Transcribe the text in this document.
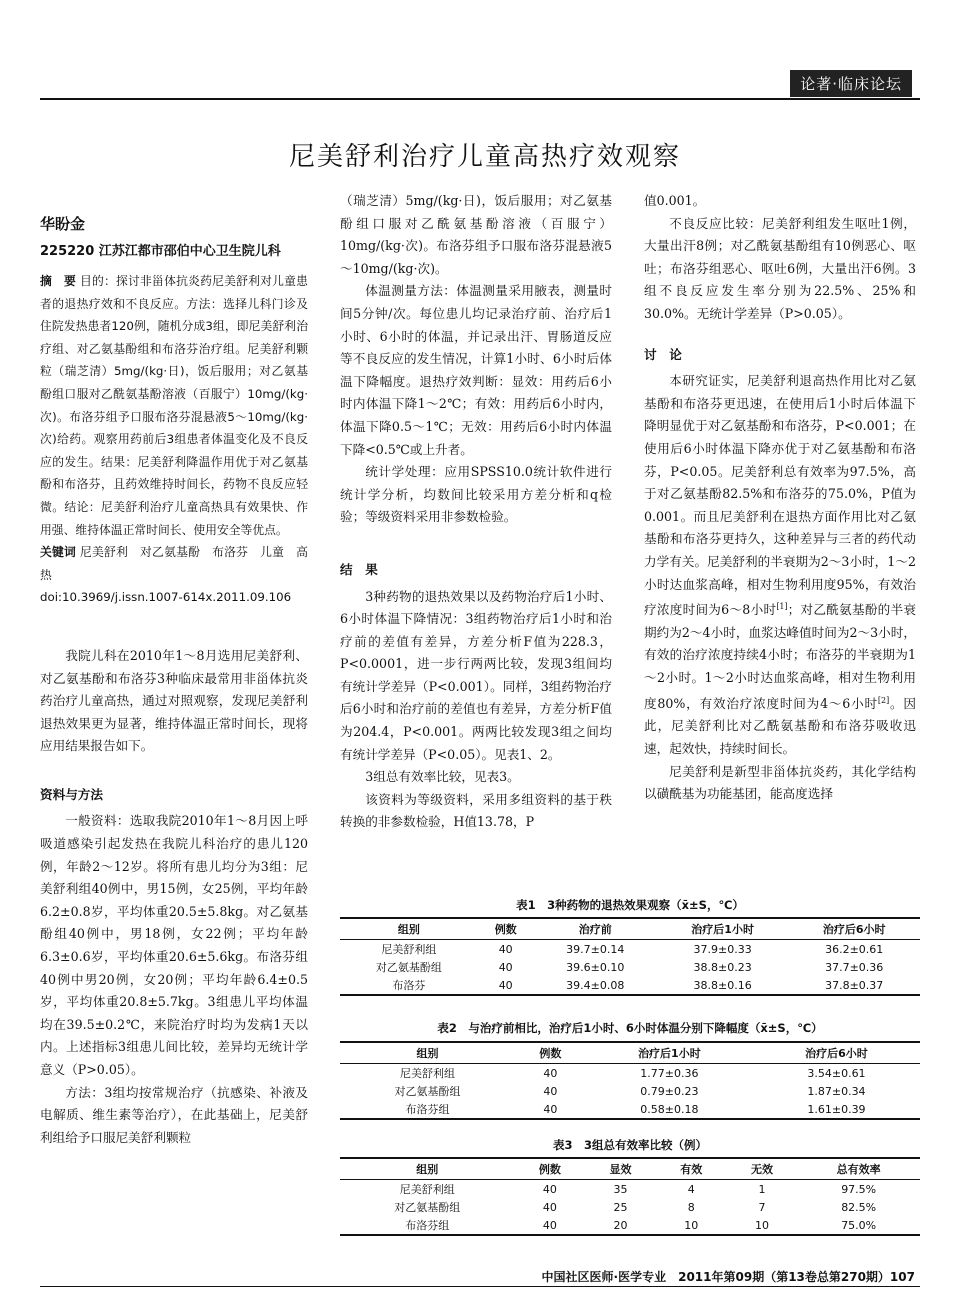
论著·临床论坛
尼美舒利治疗儿童高热疗效观察
华盼金
225220 江苏江都市邵伯中心卫生院儿科
摘　要 目的：探讨非甾体抗炎药尼美舒利对儿童患者的退热疗效和不良反应。方法：选择儿科门诊及住院发热患者120例，随机分成3组，即尼美舒利治疗组、对乙氨基酚组和布洛芬治疗组。尼美舒利颗粒（瑞芝清）5mg/(kg·日)，饭后服用；对乙氨基酚组口服对乙酰氨基酚溶液（百服宁）10mg/(kg·次)。布洛芬组予口服布洛芬混悬液5～10mg/(kg·次)给药。观察用药前后3组患者体温变化及不良反应的发生。结果：尼美舒利降温作用优于对乙氨基酚和布洛芬，且药效维持时间长，药物不良反应轻微。结论：尼美舒利治疗儿童高热具有效果快、作用强、维持体温正常时间长、使用安全等优点。
关键词 尼美舒利　对乙氨基酚　布洛芬　儿童　高热
doi:10.3969/j.issn.1007-614x.2011.09.106

我院儿科在2010年1～8月选用尼美舒利、对乙氨基酚和布洛芬3种临床最常用非甾体抗炎药治疗儿童高热，通过对照观察，发现尼美舒利退热效果更为显著，维持体温正常时间长，现将应用结果报告如下。

资料与方法

一般资料：选取我院2010年1～8月因上呼吸道感染引起发热在我院儿科治疗的患儿120例，年龄2～12岁。将所有患儿均分为3组：尼美舒利组40例中，男15例，女25例，平均年龄6.2±0.8岁，平均体重20.5±5.8kg。对乙氨基酚组40例中，男18例，女22例；平均年龄6.3±0.6岁，平均体重20.6±5.6kg。布洛芬组40例中男20例，女20例；平均年龄6.4±0.5岁，平均体重20.8±5.7kg。3组患儿平均体温均在39.5±0.2℃，来院治疗时均为发病1天以内。上述指标3组患儿间比较，差异均无统计学意义（P>0.05）。

方法：3组均按常规治疗（抗感染、补液及电解质、维生素等治疗），在此基础上，尼美舒利组给予口服尼美舒利颗粒

（瑞芝清）5mg/(kg·日)，饭后服用；对乙氨基酚组口服对乙酰氨基酚溶液（百服宁）10mg/(kg·次)。布洛芬组予口服布洛芬混悬液5～10mg/(kg·次)。

体温测量方法：体温测量采用腋表，测量时间5分钟/次。每位患儿均记录治疗前、治疗后1小时、6小时的体温，并记录出汗、胃肠道反应等不良反应的发生情况，计算1小时、6小时后体温下降幅度。退热疗效判断：显效：用药后6小时内体温下降1～2℃；有效：用药后6小时内，体温下降0.5～1℃；无效：用药后6小时内体温下降<0.5℃或上升者。

统计学处理：应用SPSS10.0统计软件进行统计学分析，均数间比较采用方差分析和q检验；等级资料采用非参数检验。

结　果

3种药物的退热效果以及药物治疗后1小时、6小时体温下降情况：3组药物治疗后1小时和治疗前的差值有差异，方差分析F值为228.3，P<0.0001，进一步行两两比较，发现3组间均有统计学差异（P<0.001）。同样，3组药物治疗后6小时和治疗前的差值也有差异，方差分析F值为204.4，P<0.001。两两比较发现3组之间均有统计学差异（P<0.05）。见表1、2。

3组总有效率比较，见表3。

该资料为等级资料，采用多组资料的基于秩转换的非参数检验，H值13.78，P

值0.001。

不良反应比较：尼美舒利组发生呕吐1例，大量出汗8例；对乙酰氨基酚组有10例恶心、呕吐；布洛芬组恶心、呕吐6例，大量出汗6例。3组不良反应发生率分别为22.5%、25%和30.0%。无统计学差异（P>0.05）。

讨　论

本研究证实，尼美舒利退高热作用比对乙氨基酚和布洛芬更迅速，在使用后1小时后体温下降明显优于对乙氨基酚和布洛芬，P<0.001；在使用后6小时体温下降亦优于对乙氨基酚和布洛芬，P<0.05。尼美舒利总有效率为97.5%，高于对乙氨基酚82.5%和布洛芬的75.0%，P值为0.001。而且尼美舒利在退热方面作用比对乙氨基酚和布洛芬更持久，这种差异与三者的药代动力学有关。尼美舒利的半衰期为2～3小时，1～2小时达血浆高峰，相对生物利用度95%，有效治疗浓度时间为6～8小时[1]；对乙酰氨基酚的半衰期约为2～4小时，血浆达峰值时间为2～3小时，有效的治疗浓度持续4小时；布洛芬的半衰期为1～2小时。1～2小时达血浆高峰，相对生物利用度80%，有效治疗浓度时间为4～6小时[2]。因此，尼美舒利比对乙酰氨基酚和布洛芬吸收迅速，起效快，持续时间长。

尼美舒利是新型非甾体抗炎药，其化学结构以磺酰基为功能基团，能高度选择

表1　3种药物的退热效果观察（x̄±S，℃）
组别	例数	治疗前	治疗后1小时	治疗后6小时
尼美舒利组	40	39.7±0.14	37.9±0.33	36.2±0.61
对乙氨基酚组	40	39.6±0.10	38.8±0.23	37.7±0.36
布洛芬	40	39.4±0.08	38.8±0.16	37.8±0.37
表2　与治疗前相比，治疗后1小时、6小时体温分别下降幅度（x̄±S，℃）
组别	例数	治疗后1小时	治疗后6小时
尼美舒利组	40	1.77±0.36	3.54±0.61
对乙氨基酚组	40	0.79±0.23	1.87±0.34
布洛芬组	40	0.58±0.18	1.61±0.39
表3　3组总有效率比较（例）
组别	例数	显效	有效	无效	总有效率
尼美舒利组	40	35	4	1	97.5%
对乙氨基酚组	40	25	8	7	82.5%
布洛芬组	40	20	10	10	75.0%
中国社区医师·医学专业　2011年第09期（第13卷总第270期）107
